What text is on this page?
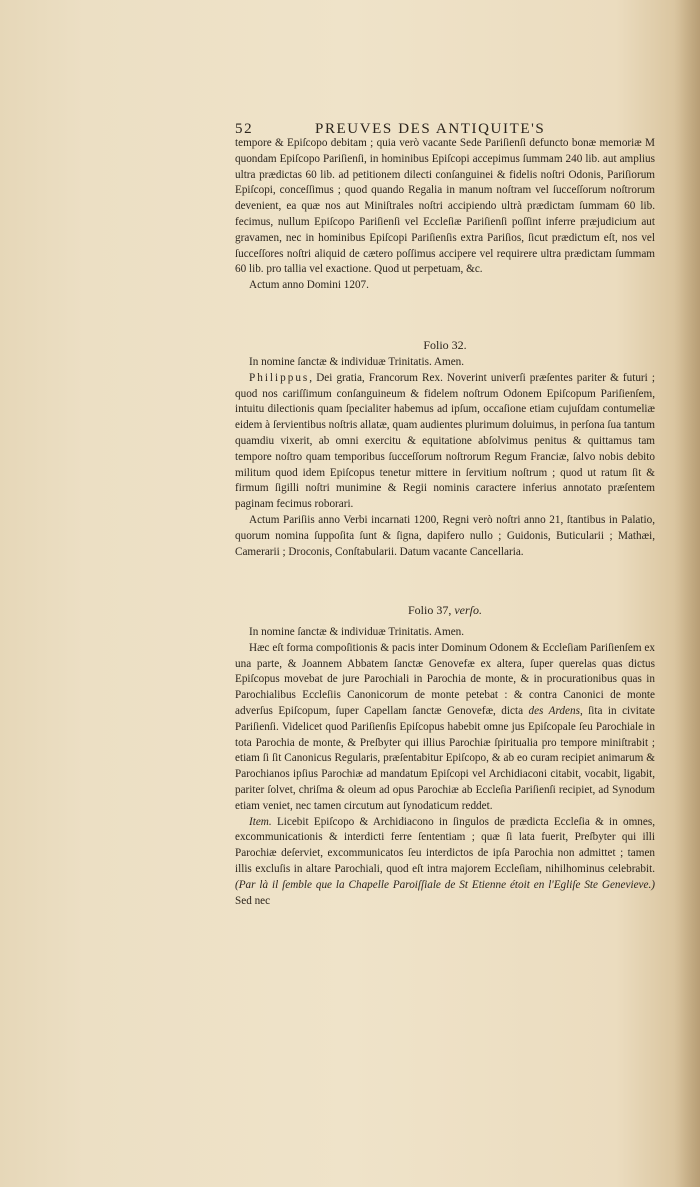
52	PREUVES DES ANTIQUITE'S

tempore & Epiſcopo debitam ; quia verò vacante Sede Pariſienſi defuncto bonæ memoriæ M quondam Epiſcopo Pariſienſi, in hominibus Epiſcopi accepimus ſummam 240 lib. aut amplius ultra prædictas 60 lib. ad petitionem dilecti conſanguinei & fidelis noſtri Odonis, Pariſiorum Epiſcopi, conceſſimus ; quod quando Regalia in manum noſtram vel ſucceſſorum noſtrorum devenient, ea quæ nos aut Miniſtrales noſtri accipiendo ultrà prædictam ſummam 60 lib. fecimus, nullum Epiſcopo Pariſienſi vel Eccleſiæ Pariſienſi poſſint inferre præjudicium aut gravamen, nec in hominibus Epiſcopi Pariſienſis extra Pariſios, ſicut prædictum eſt, nos vel ſucceſſores noſtri aliquid de cætero poſſimus accipere vel requirere ultra prædictam ſummam 60 lib. pro tallia vel exactione. Quod ut perpetuam, &c.

Actum anno Domini 1207.

Folio 32.

In nomine ſanctæ & individuæ Trinitatis. Amen.

Philippus, Dei gratia, Francorum Rex. Noverint univerſi præſentes pariter & futuri ; quod nos cariſſimum conſanguineum & fidelem noſtrum Odonem Epiſcopum Pariſienſem, intuitu dilectionis quam ſpecialiter habemus ad ipſum, occaſione etiam cujuſdam contumeliæ eidem à ſervientibus noſtris allatæ, quam audientes plurimum doluimus, in perſona ſua tantum quamdiu vixerit, ab omni exercitu & equitatione abſolvimus penitus & quittamus tam tempore noſtro quam temporibus ſucceſſorum noſtrorum Regum Franciæ, ſalvo nobis debito militum quod idem Epiſcopus tenetur mittere in ſervitium noſtrum ; quod ut ratum ſit & firmum ſigilli noſtri munimine & Regii nominis caractere inferius annotato præſentem paginam fecimus roborari.

Actum Pariſiis anno Verbi incarnati 1200, Regni verò noſtri anno 21, ſtantibus in Palatio, quorum nomina ſuppoſita ſunt & ſigna, dapifero nullo ; Guidonis, Buticularii ; Mathæi, Camerarii ; Droconis, Conſtabularii. Datum vacante Cancellaria.

Folio 37, verſo.

In nomine ſanctæ & individuæ Trinitatis. Amen.

Hæc eſt forma compoſitionis & pacis inter Dominum Odonem & Eccleſiam Pariſienſem ex una parte, & Joannem Abbatem ſanctæ Genovefæ ex altera, ſuper querelas quas dictus Epiſcopus movebat de jure Parochiali in Parochia de monte, & in procurationibus quas in Parochialibus Eccleſiis Canonicorum de monte petebat : & contra Canonici de monte adverſus Epiſcopum, ſuper Capellam ſanctæ Genovefæ, dicta des Ardens, ſita in civitate Pariſienſi. Videlicet quod Pariſienſis Epiſcopus habebit omne jus Epiſcopale ſeu Parochiale in tota Parochia de monte, & Preſbyter qui illius Parochiæ ſpiritualia pro tempore miniſtrabit ; etiam ſi ſit Canonicus Regularis, præſentabitur Epiſcopo, & ab eo curam recipiet animarum & Parochianos ipſius Parochiæ ad mandatum Epiſcopi vel Archidiaconi citabit, vocabit, ligabit, pariter ſolvet, chriſma & oleum ad opus Parochiæ ab Eccleſia Pariſienſi recipiet, ad Synodum etiam veniet, nec tamen circutum aut ſynodaticum reddet.

Item. Licebit Epiſcopo & Archidiacono in ſingulos de prædicta Eccleſia & in omnes, excommunicationis & interdicti ferre ſententiam ; quæ ſi lata fuerit, Preſbyter qui illi Parochiæ deſerviet, excommunicatos ſeu interdictos de ipſa Parochia non admittet ; tamen illis excluſis in altare Parochiali, quod eſt intra majorem Eccleſiam, nihilhominus celebrabit. (Par là il ſemble que la Chapelle Paroiſſiale de St Etienne étoit en l'Egliſe Ste Genevieve.) Sed nec
